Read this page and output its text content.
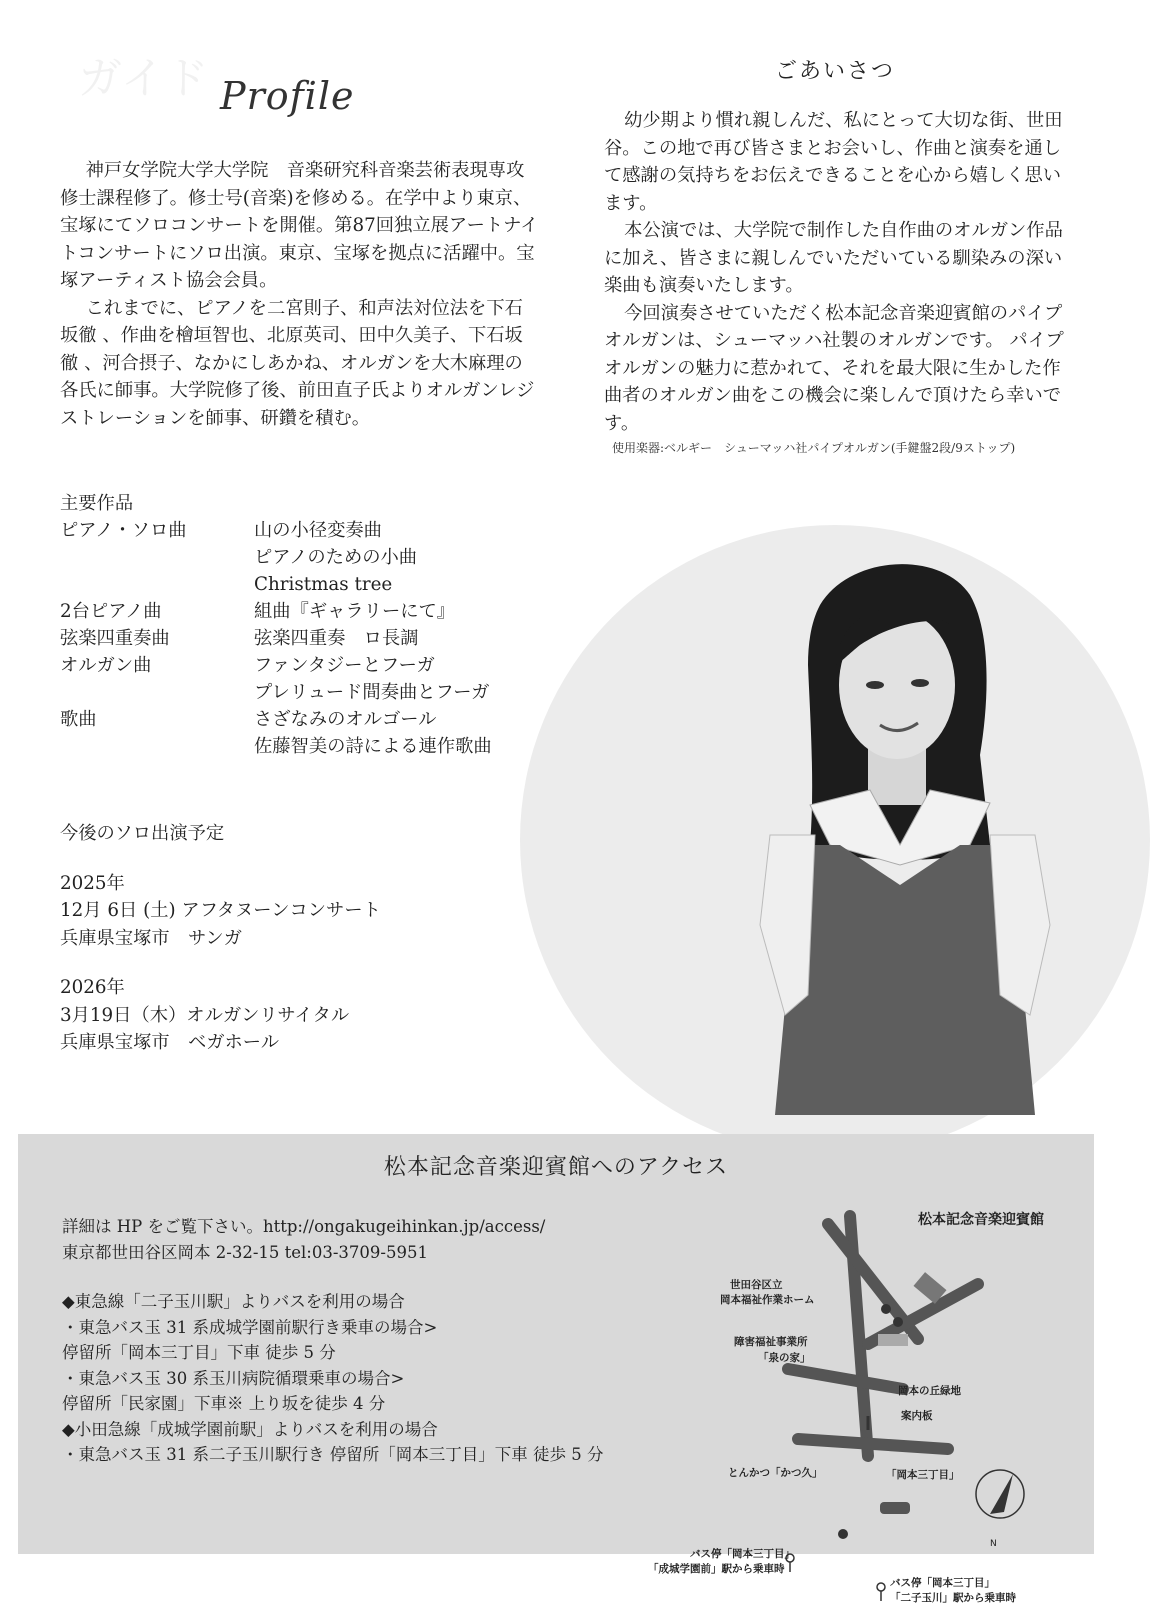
ガイド Profile

神戸女学院大学大学院　音楽研究科音楽芸術表現専攻修士課程修了。修士号(音楽)を修める。在学中より東京、宝塚にてソロコンサートを開催。第87回独立展アートナイトコンサートにソロ出演。東京、宝塚を拠点に活躍中。宝塚アーティスト協会会員。

これまでに、ピアノを二宮則子、和声法対位法を下石坂徹 、作曲を檜垣智也、北原英司、田中久美子、下石坂徹 、河合摂子、なかにしあかね、オルガンを大木麻理の各氏に師事。大学院修了後、前田直子氏よりオルガンレジストレーションを師事、研鑽を積む。

主要作品
ピアノ・ソロ曲	山の小径変奏曲
ピアノのための小曲
Christmas tree
2台ピアノ曲	組曲『ギャラリーにて』
弦楽四重奏曲	弦楽四重奏　ロ長調
オルガン曲	ファンタジーとフーガ
プレリュード間奏曲とフーガ
歌曲	さざなみのオルゴール
佐藤智美の詩による連作歌曲
今後のソロ出演予定
2025年
12月 6日 (土) アフタヌーンコンサート
兵庫県宝塚市　サンガ
2026年
3月19日（木）オルガンリサイタル
兵庫県宝塚市　ベガホール
ごあいさつ

幼少期より慣れ親しんだ、私にとって大切な街、世田谷。この地で再び皆さまとお会いし、作曲と演奏を通して感謝の気持ちをお伝えできることを心から嬉しく思います。

本公演では、大学院で制作した自作曲のオルガン作品に加え、皆さまに親しんでいただいている馴染みの深い楽曲も演奏いたします。

今回演奏させていただく松本記念音楽迎賓館のパイプオルガンは、シューマッハ社製のオルガンです。 パイプオルガンの魅力に惹かれて、それを最大限に生かした作曲者のオルガン曲をこの機会に楽しんで頂けたら幸いです。

使用楽器:ベルギー　シューマッハ社パイプオルガン(手鍵盤2段/9ストップ)
松本記念音楽迎賓館へのアクセス
詳細は HP をご覧下さい。http://ongakugeihinkan.jp/access/
東京都世田谷区岡本 2-32-15 tel:03-3709-5951
◆東急線「二子玉川駅」よりバスを利用の場合
・東急バス玉 31 系成城学園前駅行き乗車の場合>
停留所「岡本三丁目」下車 徒歩 5 分
・東急バス玉 30 系玉川病院循環乗車の場合>
停留所「民家園」下車※ 上り坂を徒歩 4 分
◆小田急線「成城学園前駅」よりバスを利用の場合
・東急バス玉 31 系二子玉川駅行き 停留所「岡本三丁目」下車 徒歩 5 分
松本記念音楽迎賓館
世田谷区立
岡本福祉作業ホーム
障害福祉事業所
「泉の家」
岡本の丘緑地
案内板
とんかつ「かつ久」	「岡本三丁目」
N
バス停「岡本三丁目」
「成城学園前」駅から乗車時
バス停「岡本三丁目」
「二子玉川」駅から乗車時
